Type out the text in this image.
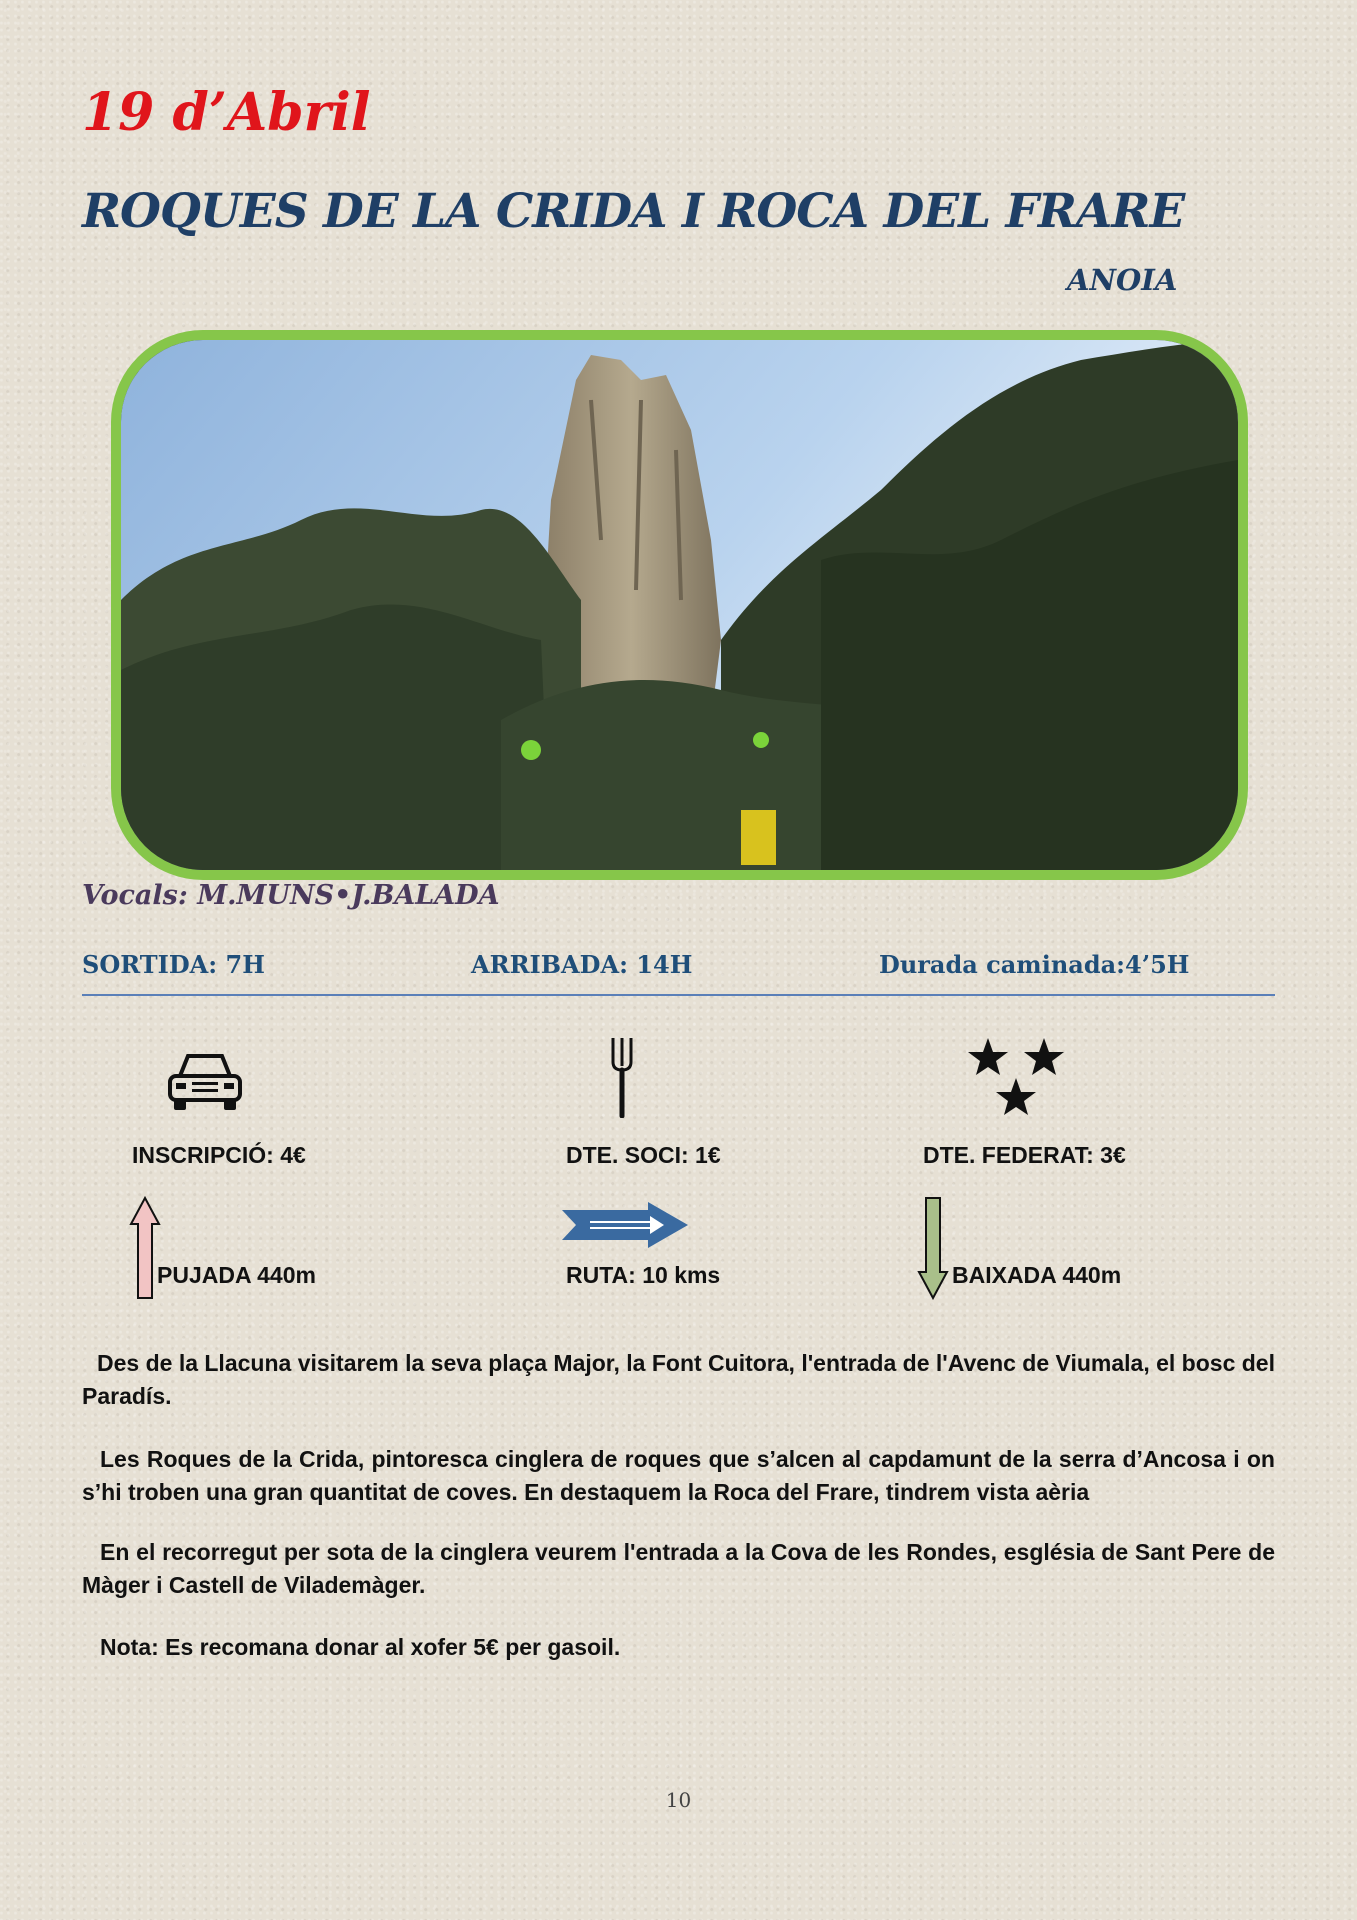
19 d’Abril
ROQUES DE LA CRIDA I ROCA DEL FRARE
ANOIA
Vocals: M.MUNS•J.BALADA
SORTIDA: 7H	ARRIBADA: 14H	Durada caminada:4’5H
INSCRIPCIÓ: 4€	DTE. SOCI: 1€	DTE. FEDERAT: 3€
PUJADA 440m	RUTA: 10 kms	BAIXADA 440m

Des de la Llacuna visitarem la seva plaça Major, la Font Cuitora, l'entrada de l'Avenc de Viumala, el bosc del Paradís.

Les Roques de la Crida, pintoresca cinglera de roques que s’alcen al capdamunt de la serra d’Ancosa i on s’hi troben una gran quantitat de coves. En destaquem la Roca del Frare, tindrem vista aèria

En el recorregut per sota de la cinglera veurem l'entrada a la Cova de les Rondes, església de Sant Pere de Màger i Castell de Vilademàger.

Nota: Es recomana donar al xofer 5€ per gasoil.

10
